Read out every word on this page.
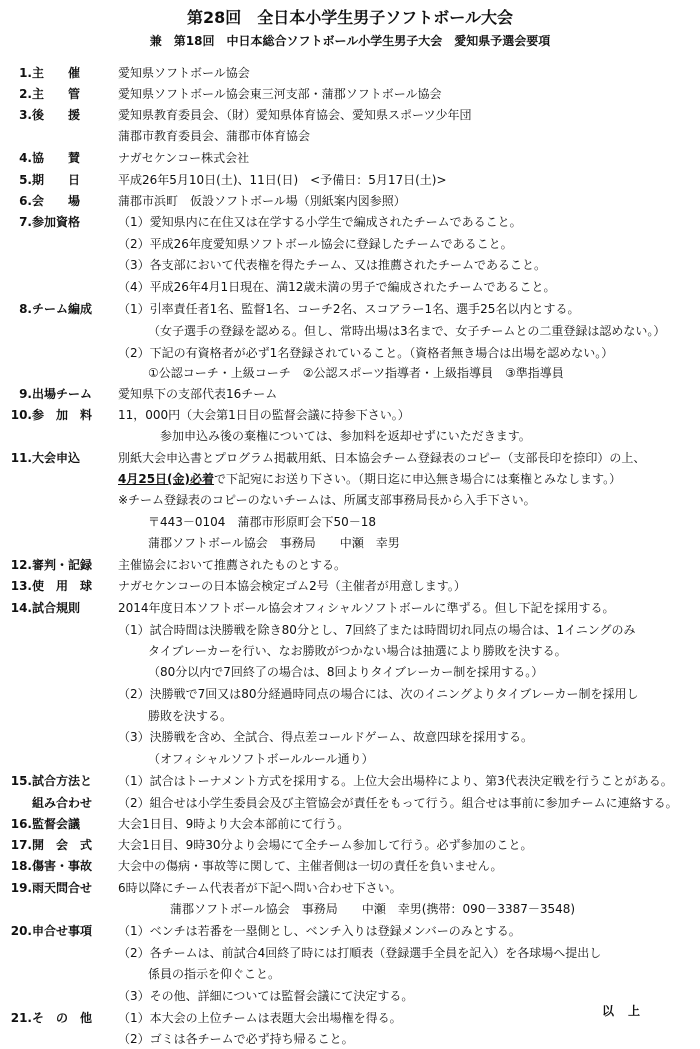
第28回　全日本小学生男子ソフトボール大会
兼　第18回　中日本総合ソフトボール小学生男子大会　愛知県予選会要項
1. 主　　催	愛知県ソフトボール協会
2. 主　　管	愛知県ソフトボール協会東三河支部・蒲郡ソフトボール協会
3. 後　　援	愛知県教育委員会、（財）愛知県体育協会、愛知県スポーツ少年団
蒲郡市教育委員会、蒲郡市体育協会
4. 協　　賛	ナガセケンコー株式会社
5. 期　　日	平成26年5月10日(土)、11日(日)　<予備日：5月17日(土)>
6. 会　　場	蒲郡市浜町　仮設ソフトボール場（別紙案内図参照）
7. 参加資格	（1）愛知県内に在住又は在学する小学生で編成されたチームであること。
（2）平成26年度愛知県ソフトボール協会に登録したチームであること。
（3）各支部において代表権を得たチーム、又は推薦されたチームであること。
（4）平成26年4月1日現在、満12歳未満の男子で編成されたチームであること。
8. チーム編成	（1）引率責任者1名、監督1名、コーチ2名、スコアラー1名、選手25名以内とする。
（女子選手の登録を認める。但し、常時出場は3名まで、女子チームとの二重登録は認めない。）
（2）下記の有資格者が必ず1名登録されていること。（資格者無き場合は出場を認めない。）
①公認コーチ・上級コーチ　②公認スポーツ指導者・上級指導員　③準指導員
9. 出場チーム	愛知県下の支部代表16チーム
10. 参　加　料	11，000円（大会第1日目の監督会議に持参下さい。）
参加申込み後の棄権については、参加料を返却せずにいただきます。
11. 大会申込	別紙大会申込書とプログラム掲載用紙、日本協会チーム登録表のコピー（支部長印を捺印）の上、
4月25日(金)必着で下記宛にお送り下さい。（期日迄に申込無き場合には棄権とみなします。）
※チーム登録表のコピーのないチームは、所属支部事務局長から入手下さい。
〒443－0104　蒲郡市形原町会下50－18
蒲郡ソフトボール協会　事務局　　中瀬　幸男
12. 審判・記録	主催協会において推薦されたものとする。
13. 使　用　球	ナガセケンコーの日本協会検定ゴム2号（主催者が用意します。）
14. 試合規則	2014年度日本ソフトボール協会オフィシャルソフトボールに準ずる。但し下記を採用する。
（1）試合時間は決勝戦を除き80分とし、7回終了または時間切れ同点の場合は、1イニングのみ
タイブレーカーを行い、なお勝敗がつかない場合は抽選により勝敗を決する。
（80分以内で7回終了の場合は、8回よりタイブレーカー制を採用する。）
（2）決勝戦で7回又は80分経過時同点の場合には、次のイニングよりタイブレーカー制を採用し
勝敗を決する。
（3）決勝戦を含め、全試合、得点差コールドゲーム、故意四球を採用する。
（オフィシャルソフトボールルール通り）
15. 試合方法と	（1）試合はトーナメント方式を採用する。上位大会出場枠により、第3代表決定戦を行うことがある。
組み合わせ	（2）組合せは小学生委員会及び主管協会が責任をもって行う。組合せは事前に参加チームに連絡する。
16. 監督会議	大会1日目、9時より大会本部前にて行う。
17. 開　会　式	大会1日目、9時30分より会場にて全チーム参加して行う。必ず参加のこと。
18. 傷害・事故	大会中の傷病・事故等に関して、主催者側は一切の責任を負いません。
19. 雨天問合せ	6時以降にチーム代表者が下記へ問い合わせ下さい。
蒲郡ソフトボール協会　事務局　　中瀬　幸男(携帯：090－3387－3548)
20. 申合せ事項	（1）ベンチは若番を一塁側とし、ベンチ入りは登録メンバーのみとする。
（2）各チームは、前試合4回終了時には打順表（登録選手全員を記入）を各球場へ提出し
係員の指示を仰ぐこと。
（3）その他、詳細については監督会議にて決定する。
21. そ　の　他	（1）本大会の上位チームは表題大会出場権を得る。
（2）ゴミは各チームで必ず持ち帰ること。
以上
